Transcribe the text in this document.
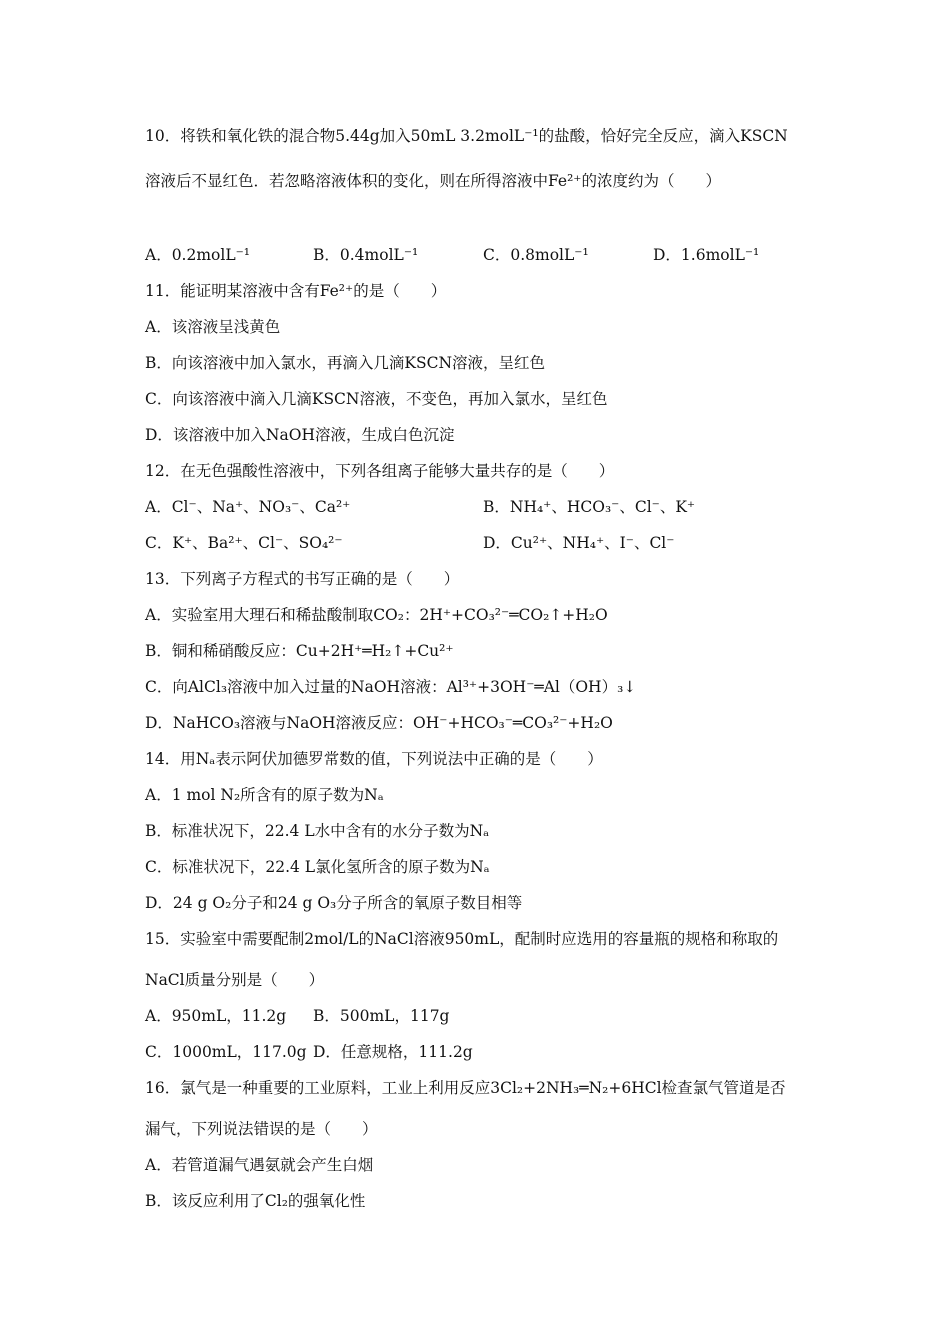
10．将铁和氧化铁的混合物5.44g加入50mL 3.2molL⁻¹的盐酸，恰好完全反应，滴入KSCN
溶液后不显红色．若忽略溶液体积的变化，则在所得溶液中Fe²⁺的浓度约为（　　）
A．0.2molL⁻¹	B．0.4molL⁻¹	C．0.8molL⁻¹	D．1.6molL⁻¹
11．能证明某溶液中含有Fe²⁺的是（　　）
A．该溶液呈浅黄色
B．向该溶液中加入氯水，再滴入几滴KSCN溶液，呈红色
C．向该溶液中滴入几滴KSCN溶液，不变色，再加入氯水，呈红色
D．该溶液中加入NaOH溶液，生成白色沉淀
12．在无色强酸性溶液中，下列各组离子能够大量共存的是（　　）
A．Cl⁻、Na⁺、NO₃⁻、Ca²⁺	B．NH₄⁺、HCO₃⁻、Cl⁻、K⁺
C．K⁺、Ba²⁺、Cl⁻、SO₄²⁻	D．Cu²⁺、NH₄⁺、I⁻、Cl⁻
13．下列离子方程式的书写正确的是（　　）
A．实验室用大理石和稀盐酸制取CO₂：2H⁺+CO₃²⁻═CO₂↑+H₂O
B．铜和稀硝酸反应：Cu+2H⁺═H₂↑+Cu²⁺
C．向AlCl₃溶液中加入过量的NaOH溶液：Al³⁺+3OH⁻═Al（OH）₃↓
D．NaHCO₃溶液与NaOH溶液反应：OH⁻+HCO₃⁻═CO₃²⁻+H₂O
14．用Nₐ表示阿伏加德罗常数的值，下列说法中正确的是（　　）
A．1 mol N₂所含有的原子数为Nₐ
B．标准状况下，22.4 L水中含有的水分子数为Nₐ
C．标准状况下，22.4 L氯化氢所含的原子数为Nₐ
D．24 g O₂分子和24 g O₃分子所含的氧原子数目相等
15．实验室中需要配制2mol/L的NaCl溶液950mL，配制时应选用的容量瓶的规格和称取的
NaCl质量分别是（　　）
A．950mL，11.2g B．500mL，117g
C．1000mL，117.0g D．任意规格，111.2g
16．氯气是一种重要的工业原料，工业上利用反应3Cl₂+2NH₃═N₂+6HCl检查氯气管道是否
漏气，下列说法错误的是（　　）
A．若管道漏气遇氨就会产生白烟
B．该反应利用了Cl₂的强氧化性
